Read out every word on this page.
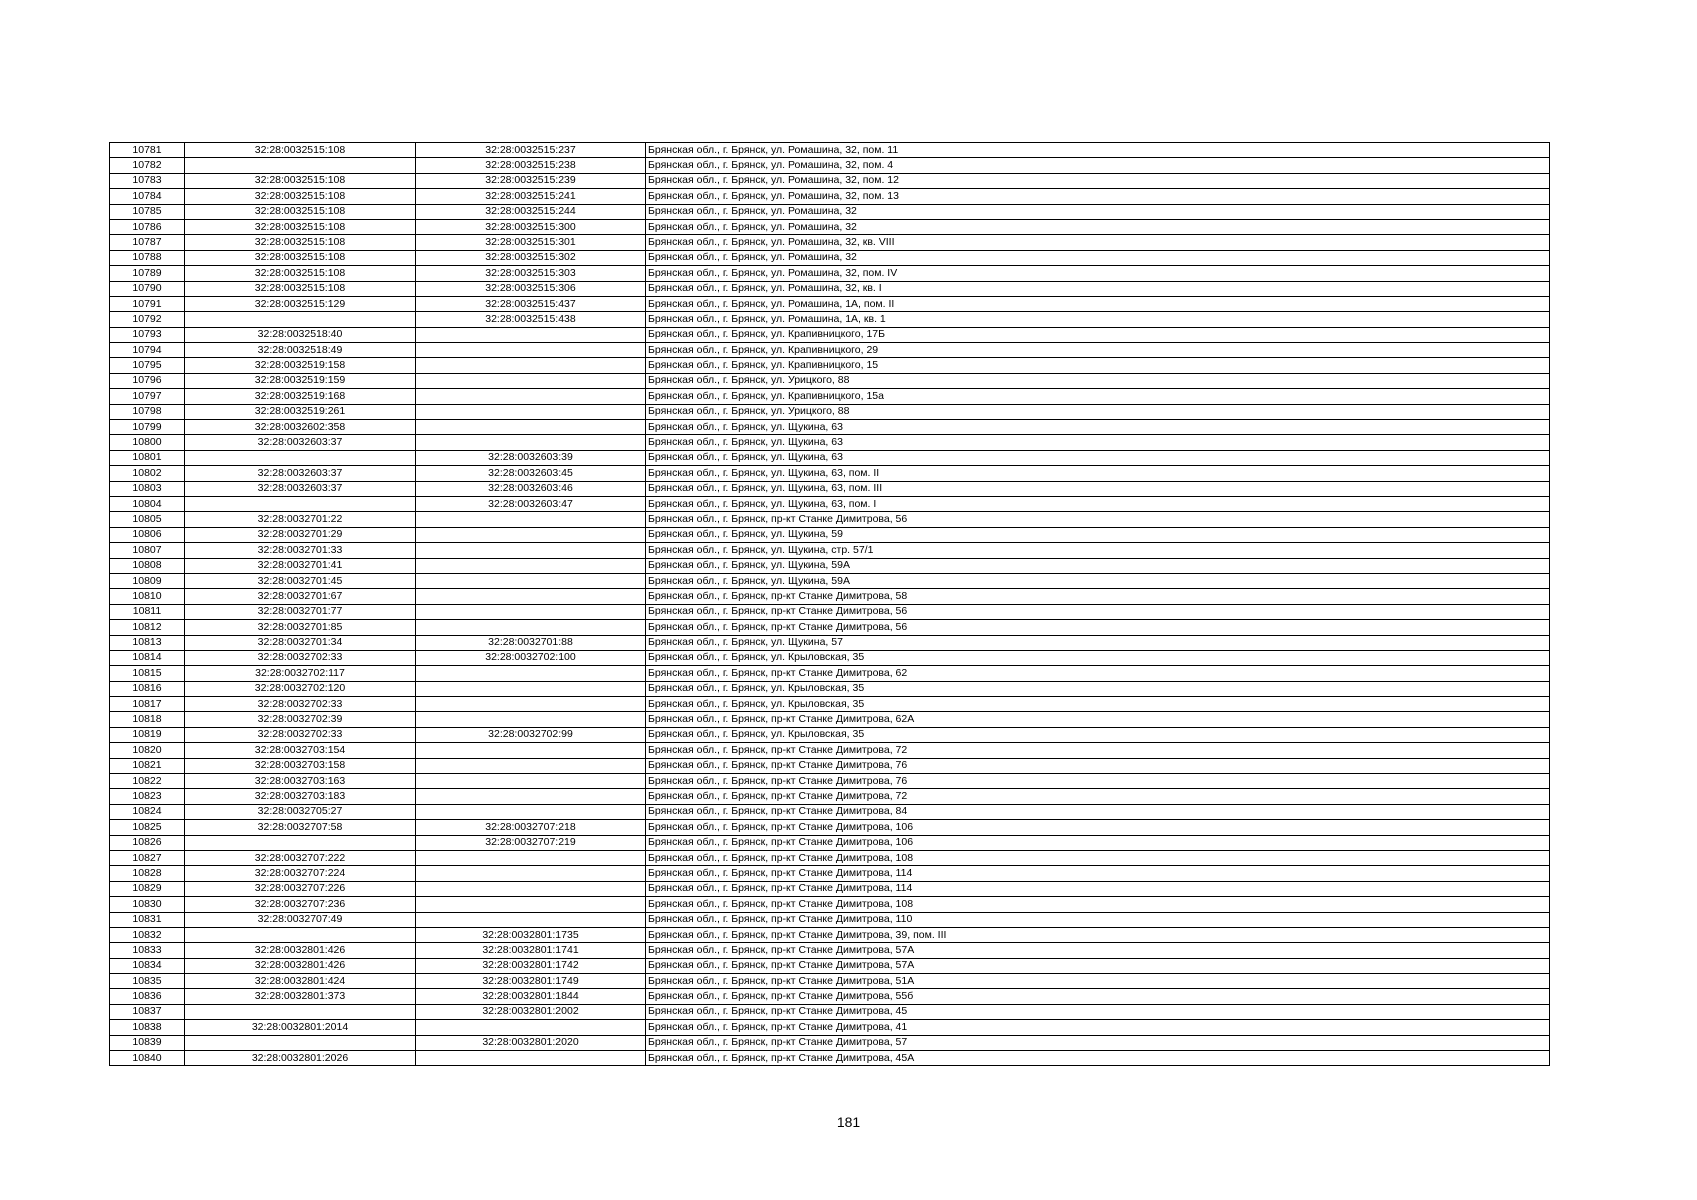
10781	32:28:0032515:108	32:28:0032515:237	Брянская обл., г. Брянск, ул. Ромашина, 32, пом. 11
10782		32:28:0032515:238	Брянская обл., г. Брянск, ул. Ромашина, 32, пом. 4
10783	32:28:0032515:108	32:28:0032515:239	Брянская обл., г. Брянск, ул. Ромашина, 32, пом. 12
10784	32:28:0032515:108	32:28:0032515:241	Брянская обл., г. Брянск, ул. Ромашина, 32, пом. 13
10785	32:28:0032515:108	32:28:0032515:244	Брянская обл., г. Брянск, ул. Ромашина, 32
10786	32:28:0032515:108	32:28:0032515:300	Брянская обл., г. Брянск, ул. Ромашина, 32
10787	32:28:0032515:108	32:28:0032515:301	Брянская обл., г. Брянск, ул. Ромашина, 32, кв. VIII
10788	32:28:0032515:108	32:28:0032515:302	Брянская обл., г. Брянск, ул. Ромашина, 32
10789	32:28:0032515:108	32:28:0032515:303	Брянская обл., г. Брянск, ул. Ромашина, 32, пом. IV
10790	32:28:0032515:108	32:28:0032515:306	Брянская обл., г. Брянск, ул. Ромашина, 32, кв. I
10791	32:28:0032515:129	32:28:0032515:437	Брянская обл., г. Брянск, ул. Ромашина, 1А, пом. II
10792		32:28:0032515:438	Брянская обл., г. Брянск, ул. Ромашина, 1А, кв. 1
10793	32:28:0032518:40		Брянская обл., г. Брянск, ул. Крапивницкого, 17Б
10794	32:28:0032518:49		Брянская обл., г. Брянск, ул. Крапивницкого, 29
10795	32:28:0032519:158		Брянская обл., г. Брянск, ул. Крапивницкого, 15
10796	32:28:0032519:159		Брянская обл., г. Брянск, ул. Урицкого, 88
10797	32:28:0032519:168		Брянская обл., г. Брянск, ул. Крапивницкого, 15а
10798	32:28:0032519:261		Брянская обл., г. Брянск, ул. Урицкого, 88
10799	32:28:0032602:358		Брянская обл., г. Брянск, ул. Щукина, 63
10800	32:28:0032603:37		Брянская обл., г. Брянск, ул. Щукина, 63
10801		32:28:0032603:39	Брянская обл., г. Брянск, ул. Щукина, 63
10802	32:28:0032603:37	32:28:0032603:45	Брянская обл., г. Брянск, ул. Щукина, 63, пом. II
10803	32:28:0032603:37	32:28:0032603:46	Брянская обл., г. Брянск, ул. Щукина, 63, пом. III
10804		32:28:0032603:47	Брянская обл., г. Брянск, ул. Щукина, 63, пом. I
10805	32:28:0032701:22		Брянская обл., г. Брянск, пр-кт Станке Димитрова, 56
10806	32:28:0032701:29		Брянская обл., г. Брянск, ул. Щукина, 59
10807	32:28:0032701:33		Брянская обл., г. Брянск, ул. Щукина, стр. 57/1
10808	32:28:0032701:41		Брянская обл., г. Брянск, ул. Щукина, 59А
10809	32:28:0032701:45		Брянская обл., г. Брянск, ул. Щукина, 59А
10810	32:28:0032701:67		Брянская обл., г. Брянск, пр-кт Станке Димитрова, 58
10811	32:28:0032701:77		Брянская обл., г. Брянск, пр-кт Станке Димитрова, 56
10812	32:28:0032701:85		Брянская обл., г. Брянск, пр-кт Станке Димитрова, 56
10813	32:28:0032701:34	32:28:0032701:88	Брянская обл., г. Брянск, ул. Щукина, 57
10814	32:28:0032702:33	32:28:0032702:100	Брянская обл., г. Брянск, ул. Крыловская, 35
10815	32:28:0032702:117		Брянская обл., г. Брянск, пр-кт Станке Димитрова, 62
10816	32:28:0032702:120		Брянская обл., г. Брянск, ул. Крыловская, 35
10817	32:28:0032702:33		Брянская обл., г. Брянск, ул. Крыловская, 35
10818	32:28:0032702:39		Брянская обл., г. Брянск, пр-кт Станке Димитрова, 62А
10819	32:28:0032702:33	32:28:0032702:99	Брянская обл., г. Брянск, ул. Крыловская, 35
10820	32:28:0032703:154		Брянская обл., г. Брянск, пр-кт Станке Димитрова, 72
10821	32:28:0032703:158		Брянская обл., г. Брянск, пр-кт Станке Димитрова, 76
10822	32:28:0032703:163		Брянская обл., г. Брянск, пр-кт Станке Димитрова, 76
10823	32:28:0032703:183		Брянская обл., г. Брянск, пр-кт Станке Димитрова, 72
10824	32:28:0032705:27		Брянская обл., г. Брянск, пр-кт Станке Димитрова, 84
10825	32:28:0032707:58	32:28:0032707:218	Брянская обл., г. Брянск, пр-кт Станке Димитрова, 106
10826		32:28:0032707:219	Брянская обл., г. Брянск, пр-кт Станке Димитрова, 106
10827	32:28:0032707:222		Брянская обл., г. Брянск, пр-кт Станке Димитрова, 108
10828	32:28:0032707:224		Брянская обл., г. Брянск, пр-кт Станке Димитрова, 114
10829	32:28:0032707:226		Брянская обл., г. Брянск, пр-кт Станке Димитрова, 114
10830	32:28:0032707:236		Брянская обл., г. Брянск, пр-кт Станке Димитрова, 108
10831	32:28:0032707:49		Брянская обл., г. Брянск, пр-кт Станке Димитрова, 110
10832		32:28:0032801:1735	Брянская обл., г. Брянск, пр-кт Станке Димитрова, 39, пом. III
10833	32:28:0032801:426	32:28:0032801:1741	Брянская обл., г. Брянск, пр-кт Станке Димитрова, 57А
10834	32:28:0032801:426	32:28:0032801:1742	Брянская обл., г. Брянск, пр-кт Станке Димитрова, 57А
10835	32:28:0032801:424	32:28:0032801:1749	Брянская обл., г. Брянск, пр-кт Станке Димитрова, 51А
10836	32:28:0032801:373	32:28:0032801:1844	Брянская обл., г. Брянск, пр-кт Станке Димитрова, 55б
10837		32:28:0032801:2002	Брянская обл., г. Брянск, пр-кт Станке Димитрова, 45
10838	32:28:0032801:2014		Брянская обл., г. Брянск, пр-кт Станке Димитрова, 41
10839		32:28:0032801:2020	Брянская обл., г. Брянск, пр-кт Станке Димитрова, 57
10840	32:28:0032801:2026		Брянская обл., г. Брянск, пр-кт Станке Димитрова, 45А
181
